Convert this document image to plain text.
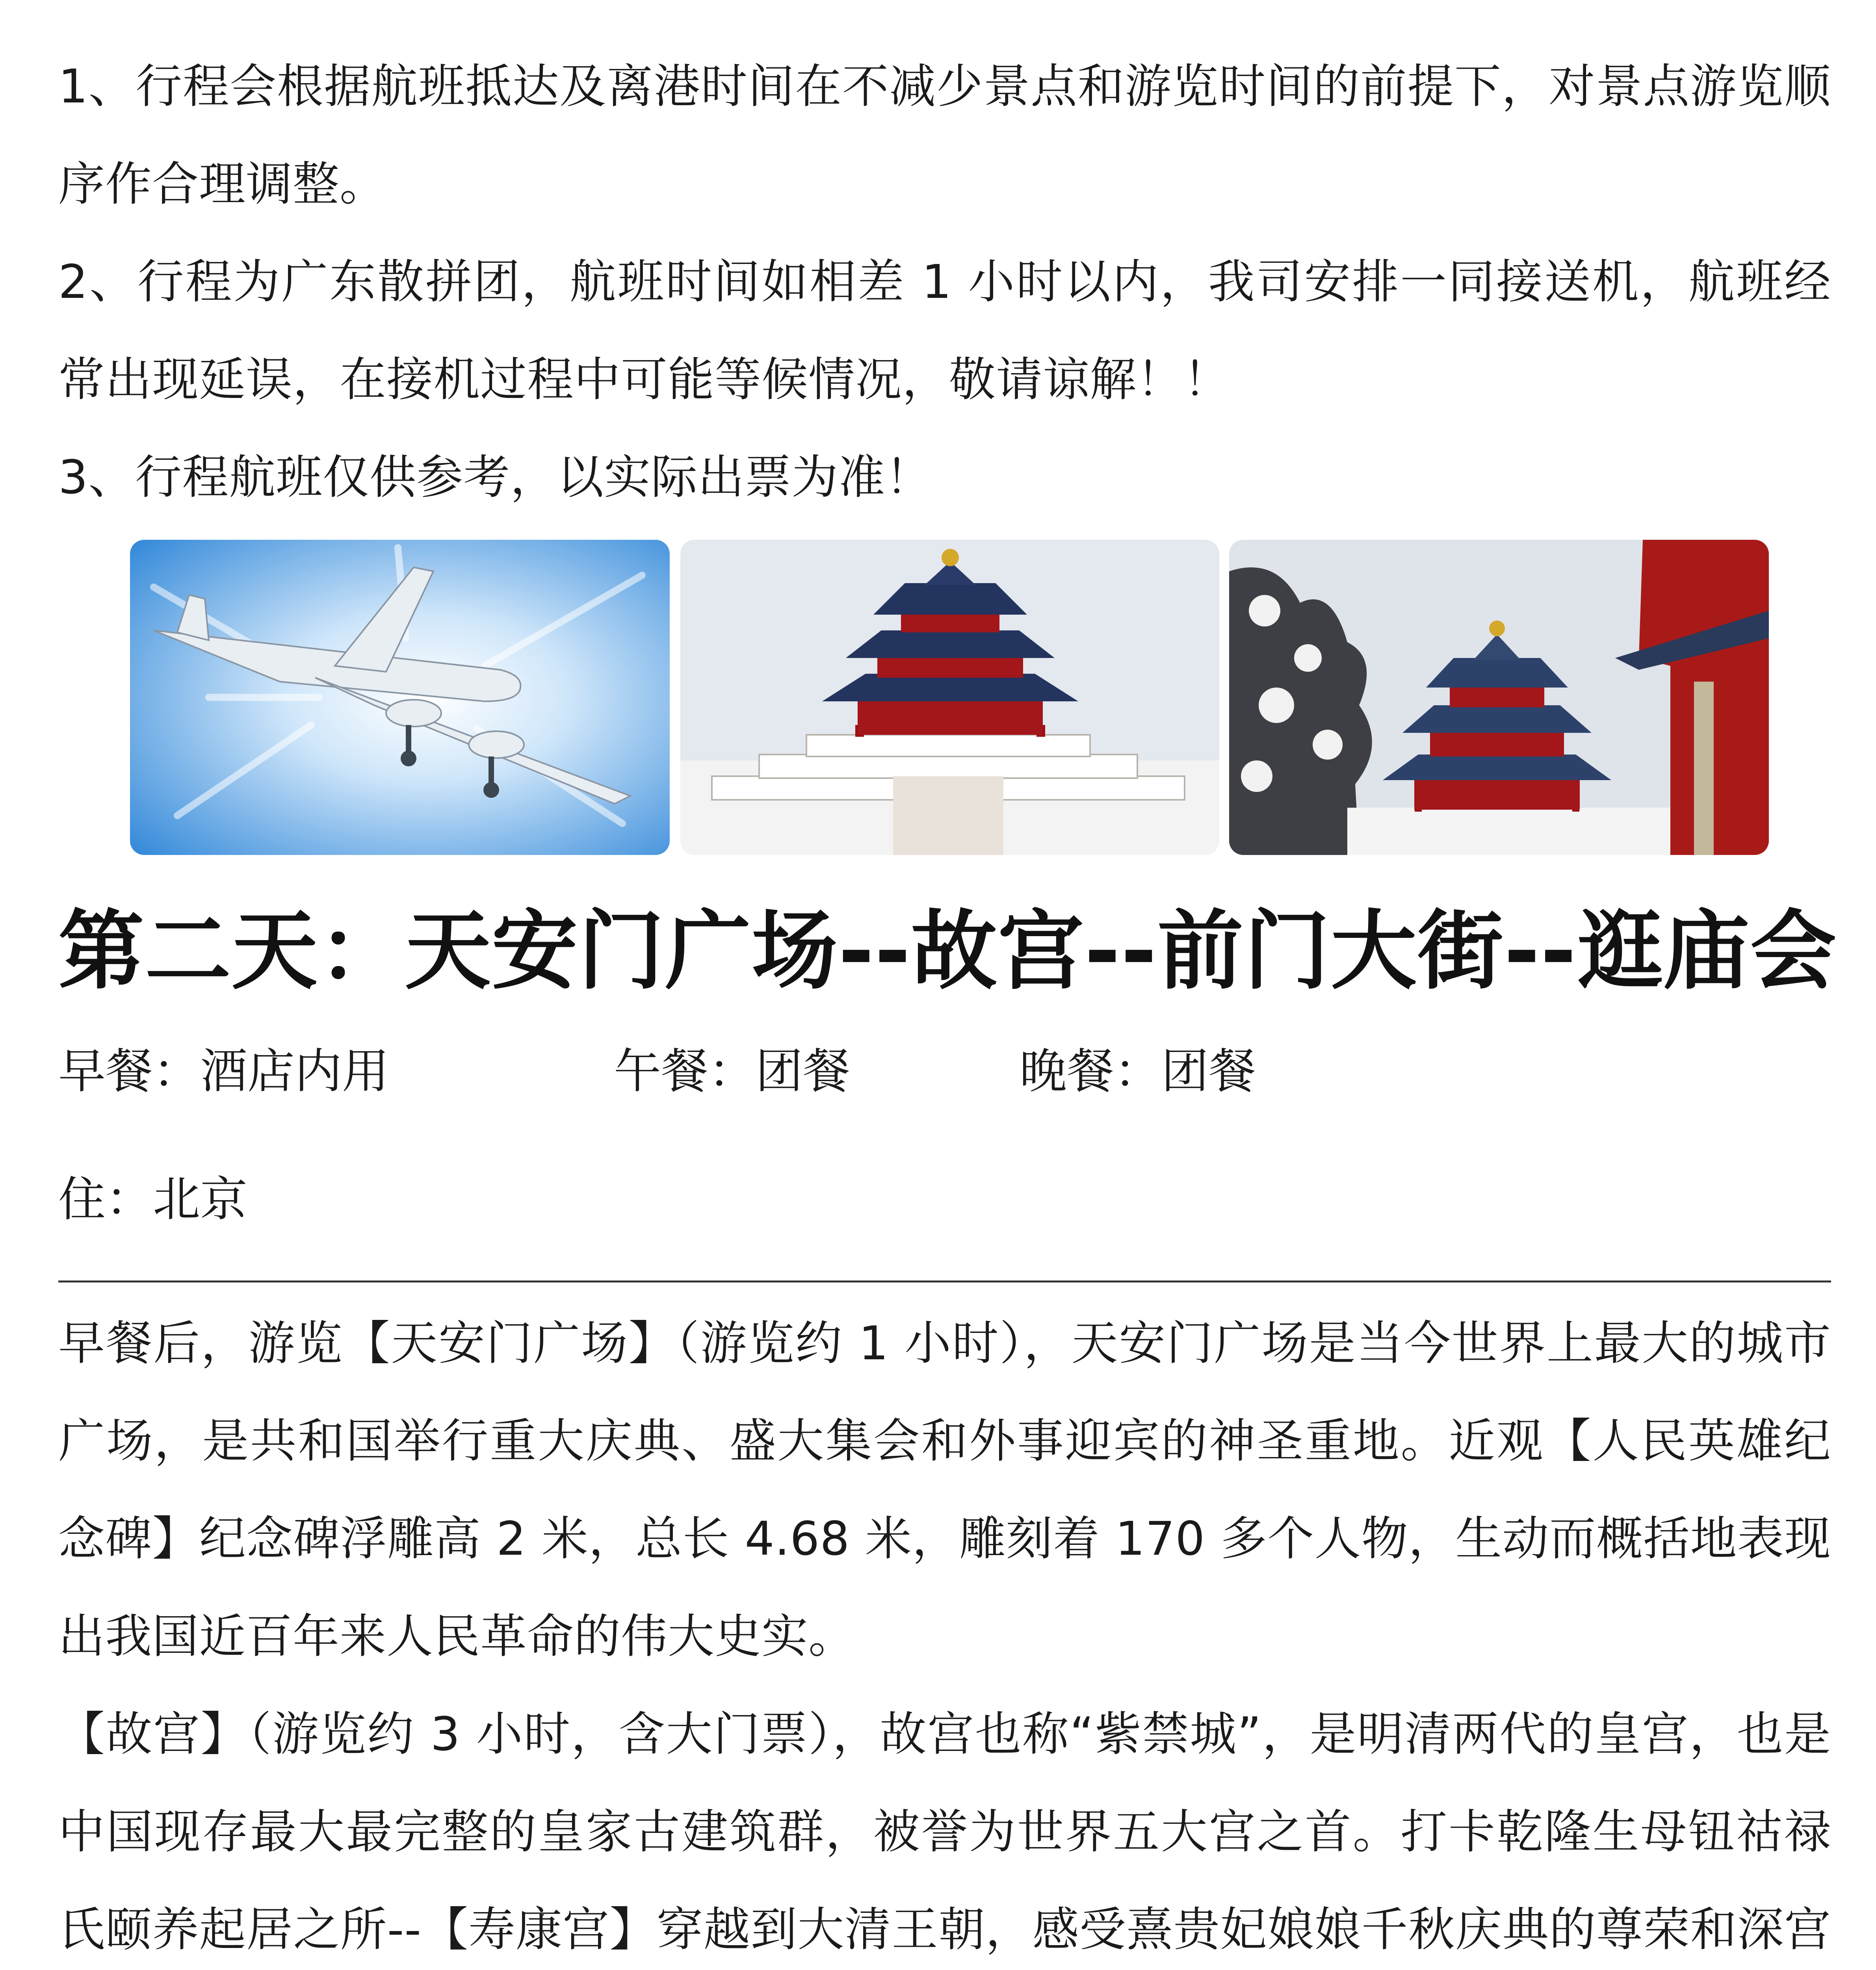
1、行程会根据航班抵达及离港时间在不减少景点和游览时间的前提下，对景点游览顺序作合理调整。

2、行程为广东散拼团，航班时间如相差 1 小时以内，我司安排一同接送机，航班经常出现延误，在接机过程中可能等候情况，敬请谅解！！

3、行程航班仅供参考，以实际出票为准！

第二天：天安门广场--故宫--前门大街--逛庙会
早餐：酒店内用	午餐：团餐	晚餐：团餐
住：北京

早餐后，游览【天安门广场】（游览约 1 小时），天安门广场是当今世界上最大的城市广场，是共和国举行重大庆典、盛大集会和外事迎宾的神圣重地。近观【人民英雄纪念碑】纪念碑浮雕高 2 米，总长 4.68 米，雕刻着 170 多个人物，生动而概括地表现出我国近百年来人民革命的伟大史实。

【故宫】（游览约 3 小时，含大门票），故宫也称“紫禁城”，是明清两代的皇宫，也是中国现存最大最完整的皇家古建筑群，被誉为世界五大宫之首。打卡乾隆生母钮祜禄氏颐养起居之所--【寿康宫】穿越到大清王朝，感受熹贵妃娘娘千秋庆典的尊荣和深宫
